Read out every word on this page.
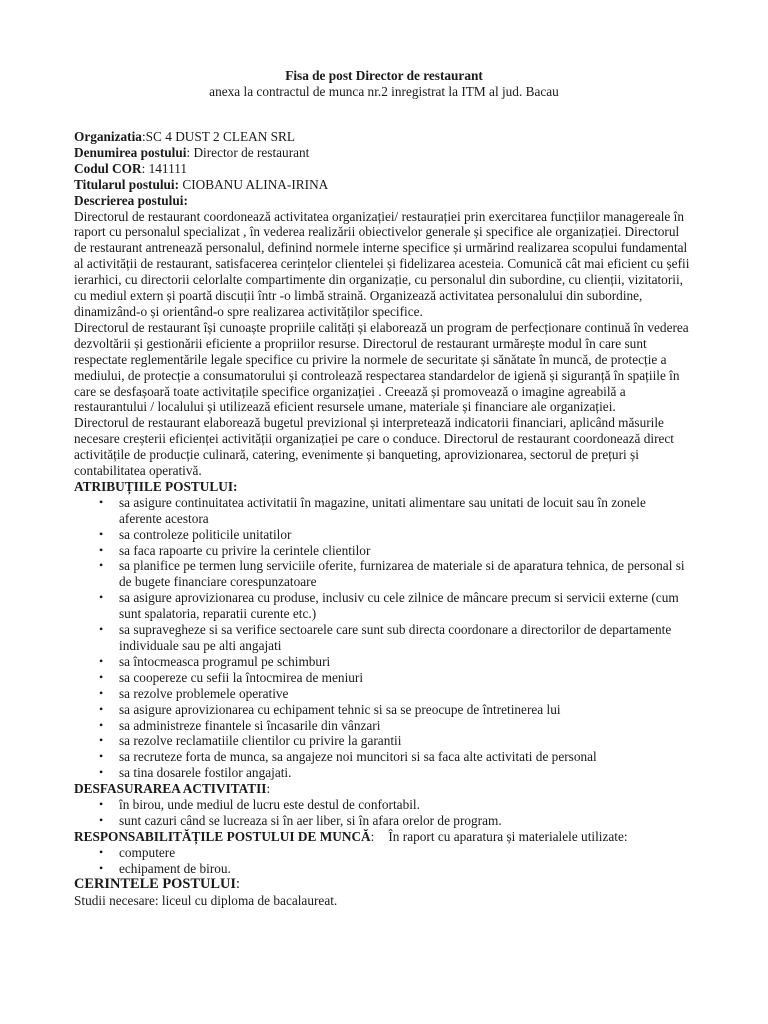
Fisa de post Director de restaurant
anexa la contractul de munca nr.2 inregistrat la ITM al jud. Bacau
Organizatia:SC 4 DUST 2 CLEAN SRL
Denumirea postului: Director de restaurant
Codul COR: 141111
Titularul postului: CIOBANU ALINA-IRINA
Descrierea postului:

Directorul de restaurant coordonează activitatea organizației/ restaurației prin exercitarea funcțiilor managereale în raport cu personalul specializat , în vederea realizării obiectivelor generale și specifice ale organizației. Directorul de restaurant antrenează personalul, definind normele interne specifice și urmărind realizarea scopului fundamental al activității de restaurant, satisfacerea cerințelor clientelei și fidelizarea acesteia. Comunică cât mai eficient cu șefii ierarhici, cu directorii celorlalte compartimente din organizație, cu personalul din subordine, cu clienții, vizitatorii, cu mediul extern și poartă discuții într -o limbă straină. Organizează activitatea personalului din subordine, dinamizând-o și orientând-o spre realizarea activităților specifice.

Directorul de restaurant își cunoaște propriile calități și elaborează un program de perfecționare continuă în vederea dezvoltării și gestionării eficiente a propriilor resurse. Directorul de restaurant urmărește modul în care sunt respectate reglementările legale specifice cu privire la normele de securitate și sănătate în muncă, de protecție a mediului, de protecție a consumatorului și controlează respectarea standardelor de igienă și siguranță în spațiile în care se desfașoară toate activitațile specifice organizației . Creează și promovează o imagine agreabilă a restaurantului / localului și utilizează eficient resursele umane, materiale și financiare ale organizației.

Directorul de restaurant elaborează bugetul previzional și interpretează indicatorii financiari, aplicând măsurile necesare creșterii eficienței activității organizației pe care o conduce. Directorul de restaurant coordonează direct activitățile de producție culinară, catering, evenimente și banqueting, aprovizionarea, sectorul de prețuri și contabilitatea operativă.

ATRIBUȚIILE POSTULUI:
• sa asigure continuitatea activitatii în magazine, unitati alimentare sau unitati de locuit sau în zonele aferente acestora
• sa controleze politicile unitatilor
• sa faca rapoarte cu privire la cerintele clientilor
• sa planifice pe termen lung serviciile oferite, furnizarea de materiale si de aparatura tehnica, de personal si de bugete financiare corespunzatoare
• sa asigure aprovizionarea cu produse, inclusiv cu cele zilnice de mâncare precum si servicii externe (cum sunt spalatoria, reparatii curente etc.)
• sa supravegheze si sa verifice sectoarele care sunt sub directa coordonare a directorilor de departamente individuale sau pe alti angajati
• sa întocmeasca programul pe schimburi
• sa coopereze cu sefii la întocmirea de meniuri
• sa rezolve problemele operative
• sa asigure aprovizionarea cu echipament tehnic si sa se preocupe de întretinerea lui
• sa administreze finantele si încasarile din vânzari
• sa rezolve reclamatiile clientilor cu privire la garantii
• sa recruteze forta de munca, sa angajeze noi muncitori si sa faca alte activitati de personal
• sa tina dosarele fostilor angajati.
DESFASURAREA ACTIVITATII:
• în birou, unde mediul de lucru este destul de confortabil.
• sunt cazuri când se lucreaza si în aer liber, si în afara orelor de program.
RESPONSABILITĂȚILE POSTULUI DE MUNCĂ: În raport cu aparatura și materialele utilizate:
• computere
• echipament de birou.
CERINTELE POSTULUI:
Studii necesare: liceul cu diploma de bacalaureat.
